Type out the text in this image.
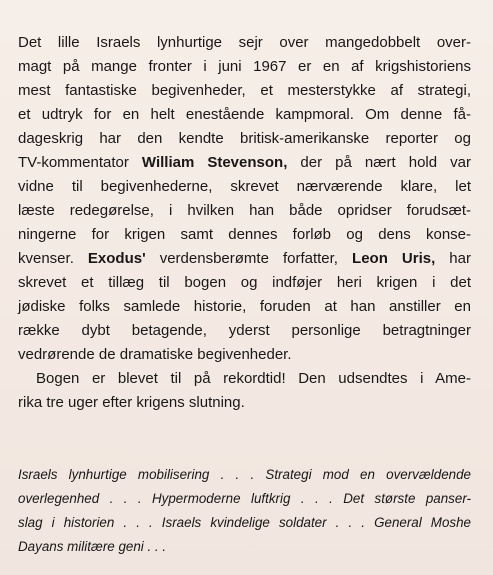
Det lille Israels lynhurtige sejr over mangedobbelt over-
magt på mange fronter i juni 1967 er en af krigshistoriens
mest fantastiske begivenheder, et mesterstykke af strategi,
et udtryk for en helt enestående kampmoral. Om denne få-
dageskrig har den kendte britisk-amerikanske reporter og
TV-kommentator William Stevenson, der på nært hold var
vidne til begivenhederne, skrevet nærværende klare, let
læste redegørelse, i hvilken han både opridser forudsæt-
ningerne for krigen samt dennes forløb og dens konse-
kvenser. Exodus' verdensberømte forfatter, Leon Uris, har
skrevet et tillæg til bogen og indføjer heri krigen i det
jødiske folks samlede historie, foruden at han anstiller en
række dybt betagende, yderst personlige betragtninger
vedrørende de dramatiske begivenheder.
Bogen er blevet til på rekordtid! Den udsendtes i Ame-
rika tre uger efter krigens slutning.
Israels lynhurtige mobilisering . . . Strategi mod en overvældende
overlegenhed . . . Hypermoderne luftkrig . . . Det største panser-
slag i historien . . . Israels kvindelige soldater . . . General Moshe
Dayans militære geni . . .
